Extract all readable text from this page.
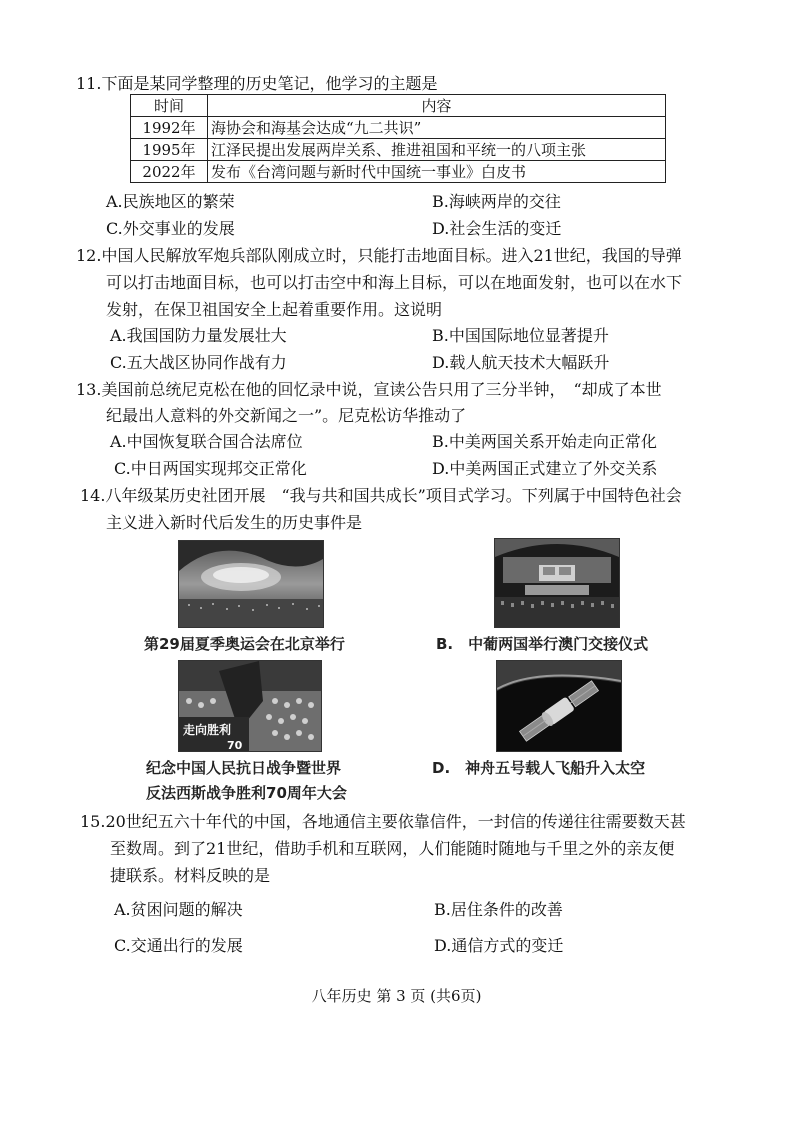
11.下面是某同学整理的历史笔记，他学习的主题是
时间	内容
1992年	海协会和海基会达成“九二共识”
1995年	江泽民提出发展两岸关系、推进祖国和平统一的八项主张
2022年	发布《台湾问题与新时代中国统一事业》白皮书
A.民族地区的繁荣	B.海峡两岸的交往
C.外交事业的发展	D.社会生活的变迁
12.中国人民解放军炮兵部队刚成立时，只能打击地面目标。进入21世纪，我国的导弹
可以打击地面目标，也可以打击空中和海上目标，可以在地面发射，也可以在水下
发射，在保卫祖国安全上起着重要作用。这说明
A.我国国防力量发展壮大	B.中国国际地位显著提升
C.五大战区协同作战有力	D.载人航天技术大幅跃升
13.美国前总统尼克松在他的回忆录中说，宣读公告只用了三分半钟，　“却成了本世
纪最出人意料的外交新闻之一”。尼克松访华推动了
A.中国恢复联合国合法席位	B.中美两国关系开始走向正常化
C.中日两国实现邦交正常化	D.中美两国正式建立了外交关系
14.八年级某历史社团开展　“我与共和国共成长”项目式学习。下列属于中国特色社会
主义进入新时代后发生的历史事件是
第29届夏季奥运会在北京举行	B.　中葡两国举行澳门交接仪式
走向胜利
70
纪念中国人民抗日战争暨世界
反法西斯战争胜利70周年大会
D.　神舟五号载人飞船升入太空
15.20世纪五六十年代的中国，各地通信主要依靠信件，一封信的传递往往需要数天甚
至数周。到了21世纪，借助手机和互联网，人们能随时随地与千里之外的亲友便
捷联系。材料反映的是
A.贫困问题的解决	B.居住条件的改善
C.交通出行的发展	D.通信方式的变迁
八年历史 第 3 页 (共6页)
